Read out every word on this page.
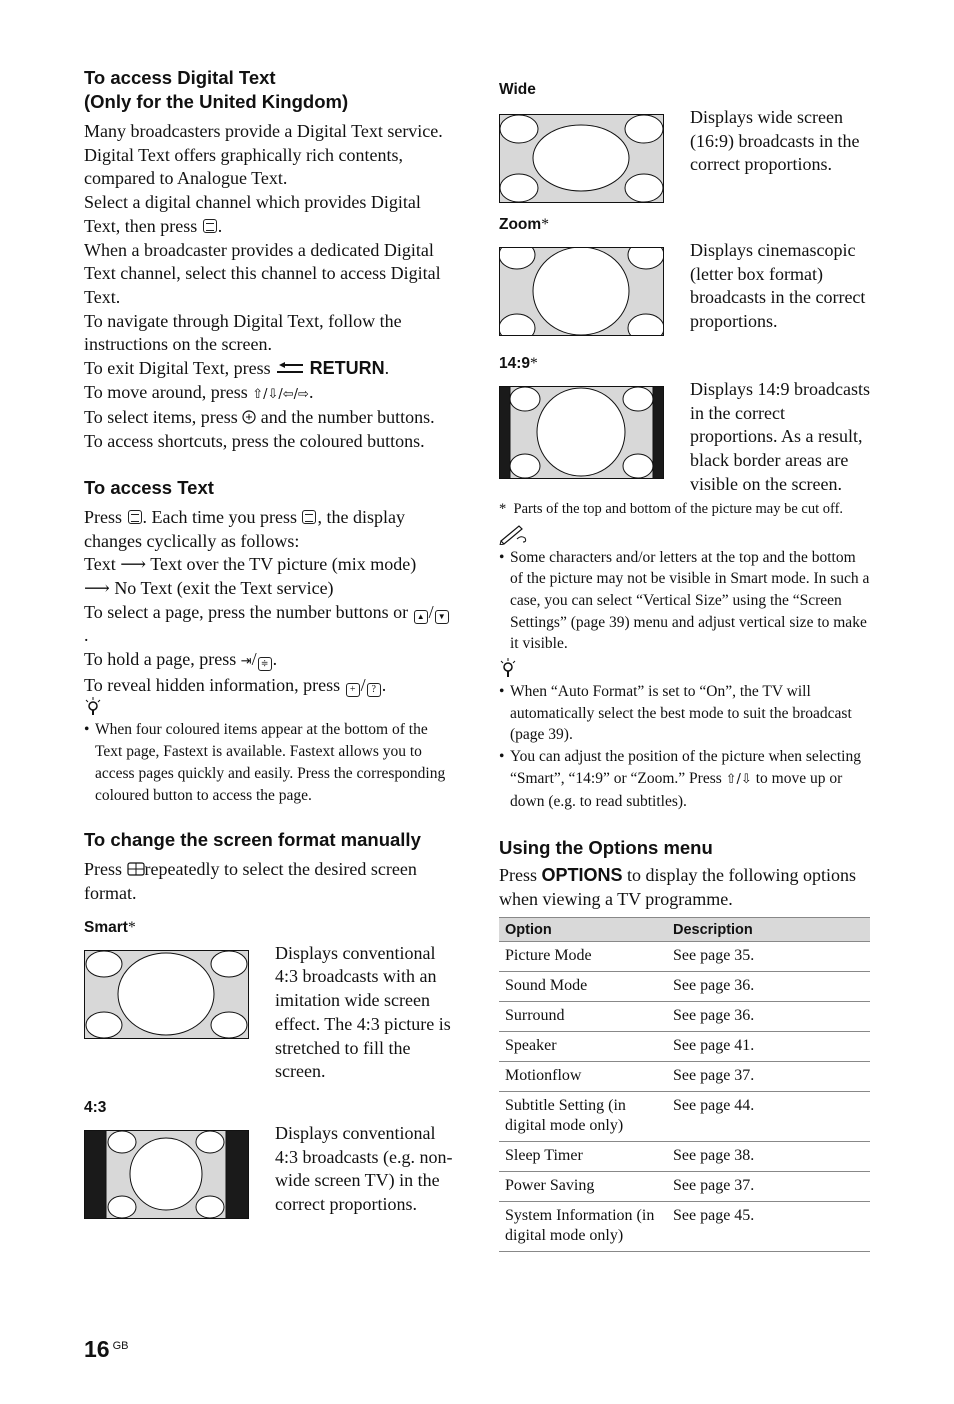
To access Digital Text
(Only for the United Kingdom)

Many broadcasters provide a Digital Text service. Digital Text offers graphically rich contents, compared to Analogue Text.
Select a digital channel which provides Digital Text, then press .
When a broadcaster provides a dedicated Digital Text channel, select this channel to access Digital Text.
To navigate through Digital Text, follow the instructions on the screen.
To exit Digital Text, press RETURN.
To move around, press ⇧/⇩/⇦/⇨.
To select items, press and the number buttons.
To access shortcuts, press the coloured buttons.

To access Text

Press . Each time you press , the display changes cyclically as follows:
Text ⟶ Text over the TV picture (mix mode)
⟶ No Text (exit the Text service)
To select a page, press the number buttons or ▲ / ▼.
To hold a page, press ⇥/ ≑ .
To reveal hidden information, press + / ? .
• When four coloured items appear at the bottom of the Text page, Fastext is available. Fastext allows you to access pages quickly and easily. Press the corresponding coloured button to access the page.

To change the screen format manually

Press repeatedly to select the desired screen format.
Smart*
Displays conventional 4:3 broadcasts with an imitation wide screen effect. The 4:3 picture is stretched to fill the screen.
4:3
Displays conventional 4:3 broadcasts (e.g. non-wide screen TV) in the correct proportions.
Wide
Displays wide screen (16:9) broadcasts in the correct proportions.
Zoom*
Displays cinemascopic (letter box format) broadcasts in the correct proportions.
14:9*
Displays 14:9 broadcasts in the correct proportions. As a result, black border areas are visible on the screen.
* Parts of the top and bottom of the picture may be cut off.
• Some characters and/or letters at the top and the bottom of the picture may not be visible in Smart mode. In such a case, you can select “Vertical Size” using the “Screen Settings” (page 39) menu and adjust vertical size to make it visible.
• When “Auto Format” is set to “On”, the TV will automatically select the best mode to suit the broadcast (page 39).
• You can adjust the position of the picture when selecting “Smart”, “14:9” or “Zoom.” Press ⇧/⇩ to move up or down (e.g. to read subtitles).

Using the Options menu

Press OPTIONS to display the following options when viewing a TV programme.
Option	Description
Picture Mode	See page 35.
Sound Mode	See page 36.
Surround	See page 36.
Speaker	See page 41.
Motionflow	See page 37.
Subtitle Setting (in digital mode only)	See page 44.
Sleep Timer	See page 38.
Power Saving	See page 37.
System Information (in digital mode only)	See page 45.
16 $^{GB}$
